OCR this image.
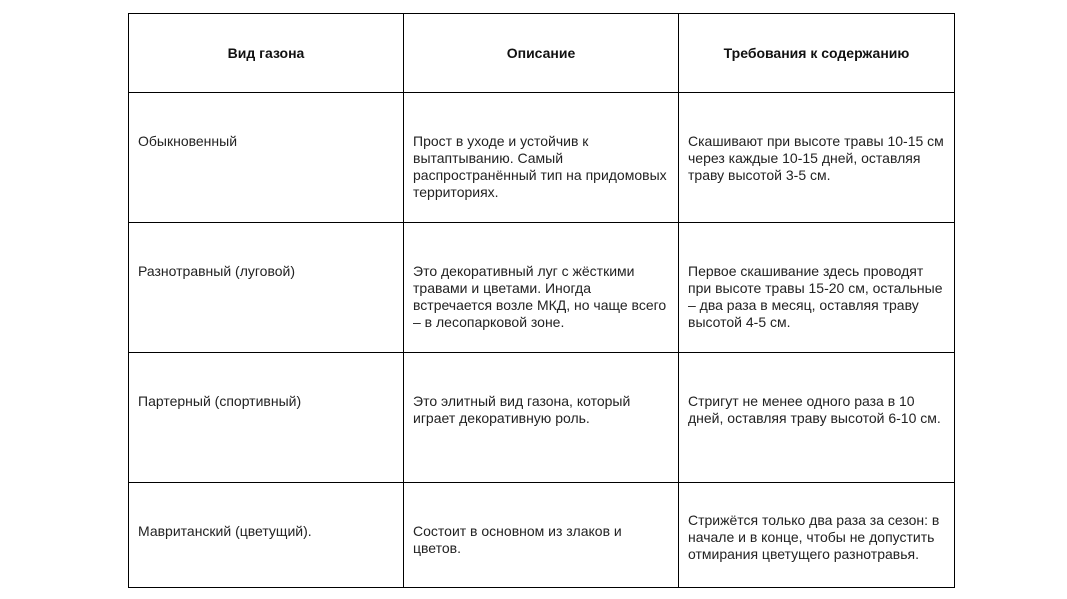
Вид газона	Описание	Требования к содержанию

Обыкновенный	Прост в уходе и устойчив к вытаптыванию. Самый распространённый тип на придомовых территориях.	Скашивают при высоте травы 10-15 см через каждые 10-15 дней, оставляя траву высотой 3-5 см.

Разнотравный (луговой)	Это декоративный луг с жёсткими травами и цветами. Иногда встречается возле МКД, но чаще всего – в лесопарковой зоне.	Первое скашивание здесь проводят при высоте травы 15-20 см, остальные – два раза в месяц, оставляя траву высотой 4-5 см.

Партерный (спортивный)	Это элитный вид газона, который играет декоративную роль.	Стригут не менее одного раза в 10 дней, оставляя траву высотой 6-10 см.

Мавританский (цветущий).	Состоит в основном из злаков и цветов.	Стрижётся только два раза за сезон: в начале и в конце, чтобы не допустить отмирания цветущего разнотравья.
